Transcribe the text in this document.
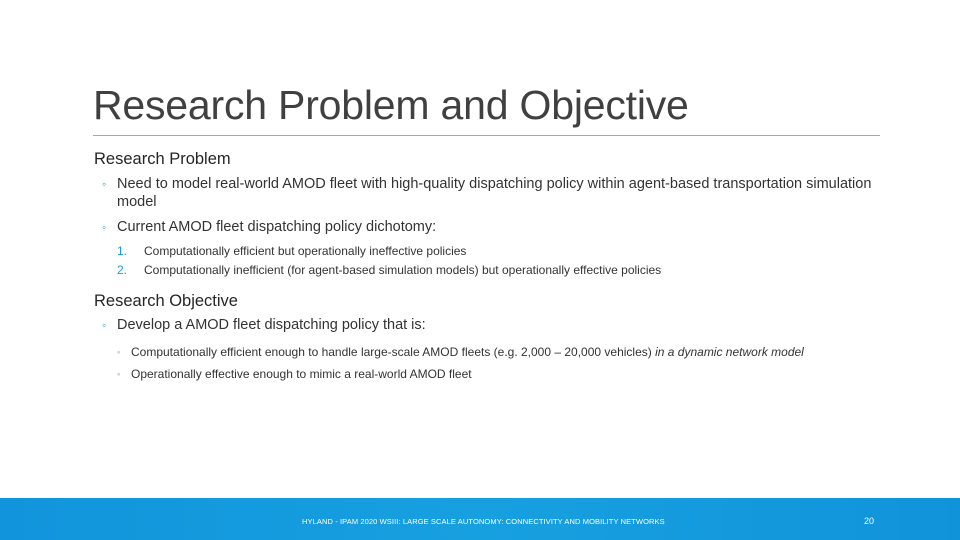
Research Problem and Objective
Research Problem
◦ Need to model real-world AMOD fleet with high-quality dispatching policy within agent-based transportation simulation model
◦ Current AMOD fleet dispatching policy dichotomy:
1. Computationally efficient but operationally ineffective policies
2. Computationally inefficient (for agent-based simulation models) but operationally effective policies
Research Objective
◦ Develop a AMOD fleet dispatching policy that is:
◦ Computationally efficient enough to handle large-scale AMOD fleets (e.g. 2,000 – 20,000 vehicles) in a dynamic network model
◦ Operationally effective enough to mimic a real-world AMOD fleet
HYLAND - IPAM 2020 WSIII: LARGE SCALE AUTONOMY: CONNECTIVITY AND MOBILITY NETWORKS	20
